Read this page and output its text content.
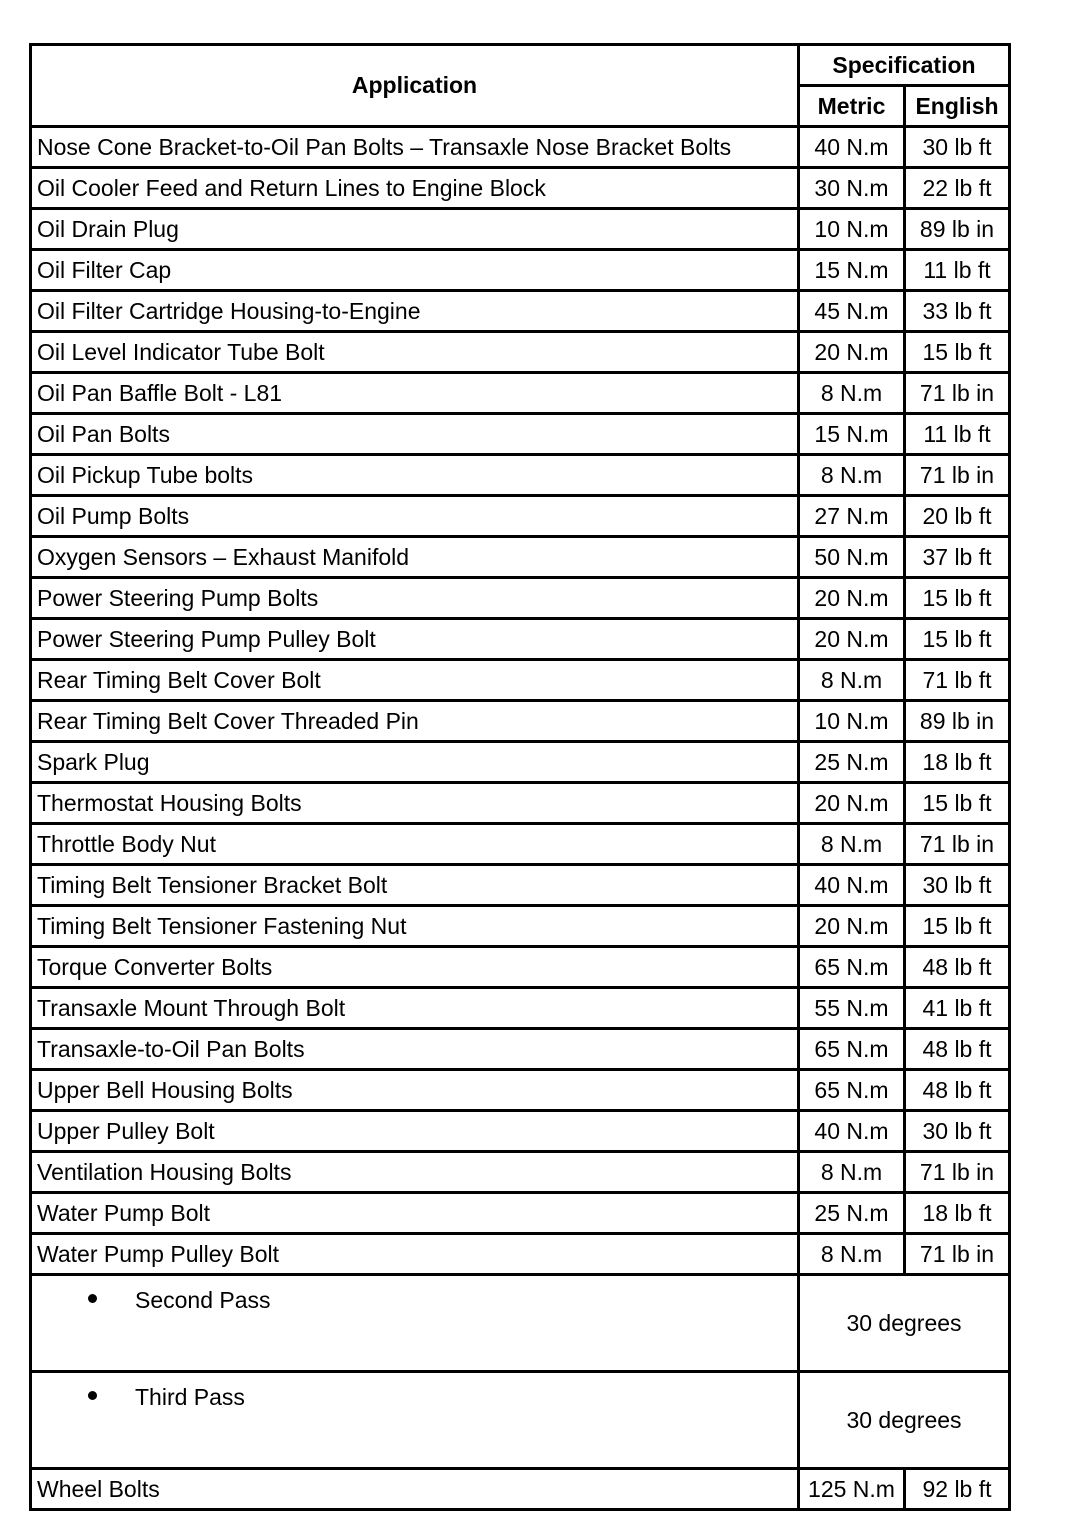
Application	Specification	
	Metric	English
Nose Cone Bracket-to-Oil Pan Bolts – Transaxle Nose Bracket Bolts	40 N.m	30 lb ft
Oil Cooler Feed and Return Lines to Engine Block	30 N.m	22 lb ft
Oil Drain Plug	10 N.m	89 lb in
Oil Filter Cap	15 N.m	11 lb ft
Oil Filter Cartridge Housing-to-Engine	45 N.m	33 lb ft
Oil Level Indicator Tube Bolt	20 N.m	15 lb ft
Oil Pan Baffle Bolt - L81	8 N.m	71 lb in
Oil Pan Bolts	15 N.m	11 lb ft
Oil Pickup Tube bolts	8 N.m	71 lb in
Oil Pump Bolts	27 N.m	20 lb ft
Oxygen Sensors – Exhaust Manifold	50 N.m	37 lb ft
Power Steering Pump Bolts	20 N.m	15 lb ft
Power Steering Pump Pulley Bolt	20 N.m	15 lb ft
Rear Timing Belt Cover Bolt	8 N.m	71 lb ft
Rear Timing Belt Cover Threaded Pin	10 N.m	89 lb in
Spark Plug	25 N.m	18 lb ft
Thermostat Housing Bolts	20 N.m	15 lb ft
Throttle Body Nut	8 N.m	71 lb in
Timing Belt Tensioner Bracket Bolt	40 N.m	30 lb ft
Timing Belt Tensioner Fastening Nut	20 N.m	15 lb ft
Torque Converter Bolts	65 N.m	48 lb ft
Transaxle Mount Through Bolt	55 N.m	41 lb ft
Transaxle-to-Oil Pan Bolts	65 N.m	48 lb ft
Upper Bell Housing Bolts	65 N.m	48 lb ft
Upper Pulley Bolt	40 N.m	30 lb ft
Ventilation Housing Bolts	8 N.m	71 lb in
Water Pump Bolt	25 N.m	18 lb ft
Water Pump Pulley Bolt	8 N.m	71 lb in
Second Pass	30 degrees	
Third Pass	30 degrees	
Wheel Bolts	125 N.m	92 lb ft
